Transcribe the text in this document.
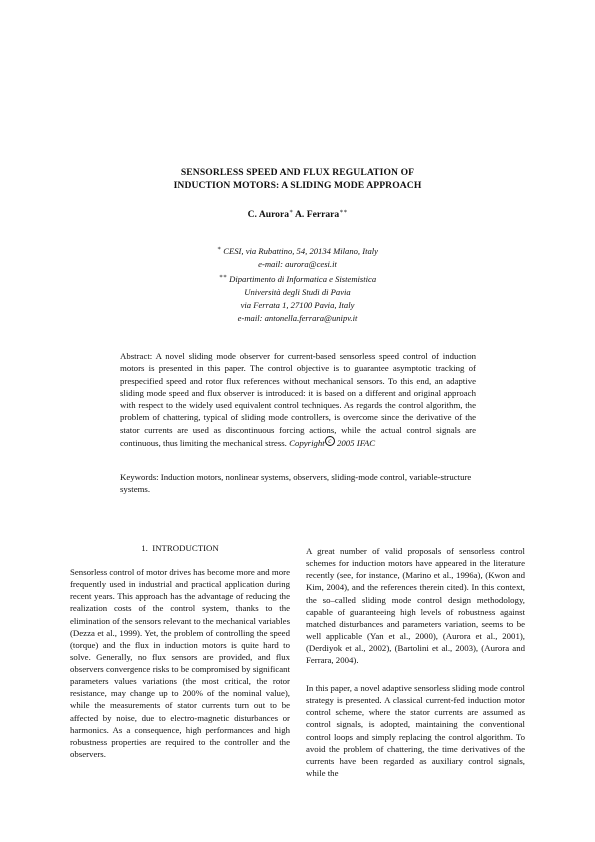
SENSORLESS SPEED AND FLUX REGULATION OF
INDUCTION MOTORS: A SLIDING MODE APPROACH
C. Aurora∗ A. Ferrara∗∗
∗ CESI, via Rubattino, 54, 20134 Milano, Italy
e-mail: aurora@cesi.it
∗∗ Dipartimento di Informatica e Sistemistica
Università degli Studi di Pavia
via Ferrata 1, 27100 Pavia, Italy
e-mail: antonella.ferrara@unipv.it
Abstract: A novel sliding mode observer for current-based sensorless speed control of induction motors is presented in this paper. The control objective is to guarantee asymptotic tracking of prespecified speed and rotor flux references without mechanical sensors. To this end, an adaptive sliding mode speed and flux observer is introduced: it is based on a different and original approach with respect to the widely used equivalent control techniques. As regards the control algorithm, the problem of chattering, typical of sliding mode controllers, is overcome since the derivative of the stator currents are used as discontinuous forcing actions, while the actual control signals are continuous, thus limiting the mechanical stress. Copyright c 2005 IFAC
Keywords: Induction motors, nonlinear systems, observers, sliding-mode control, variable-structure systems.
1. INTRODUCTION
Sensorless control of motor drives has become more and more frequently used in industrial and practical application during recent years. This approach has the advantage of reducing the realization costs of the control system, thanks to the elimination of the sensors relevant to the mechanical variables (Dezza et al., 1999). Yet, the problem of controlling the speed (torque) and the flux in induction motors is quite hard to solve. Generally, no flux sensors are provided, and flux observers convergence risks to be compromised by significant parameters values variations (the most critical, the rotor resistance, may change up to 200% of the nominal value), while the measurements of stator currents turn out to be affected by noise, due to electro-magnetic disturbances or harmonics. As a consequence, high performances and high robustness properties are required to the controller and the observers.
A great number of valid proposals of sensorless control schemes for induction motors have appeared in the literature recently (see, for instance, (Marino et al., 1996a), (Kwon and Kim, 2004), and the references therein cited). In this context, the so–called sliding mode control design methodology, capable of guaranteeing high levels of robustness against matched disturbances and parameters variation, seems to be well applicable (Yan et al., 2000), (Aurora et al., 2001), (Derdiyok et al., 2002), (Bartolini et al., 2003), (Aurora and Ferrara, 2004).
In this paper, a novel adaptive sensorless sliding mode control strategy is presented. A classical current-fed induction motor control scheme, where the stator currents are assumed as control signals, is adopted, maintaining the conventional control loops and simply replacing the control algorithm. To avoid the problem of chattering, the time derivatives of the currents have been regarded as auxiliary control signals, while the
